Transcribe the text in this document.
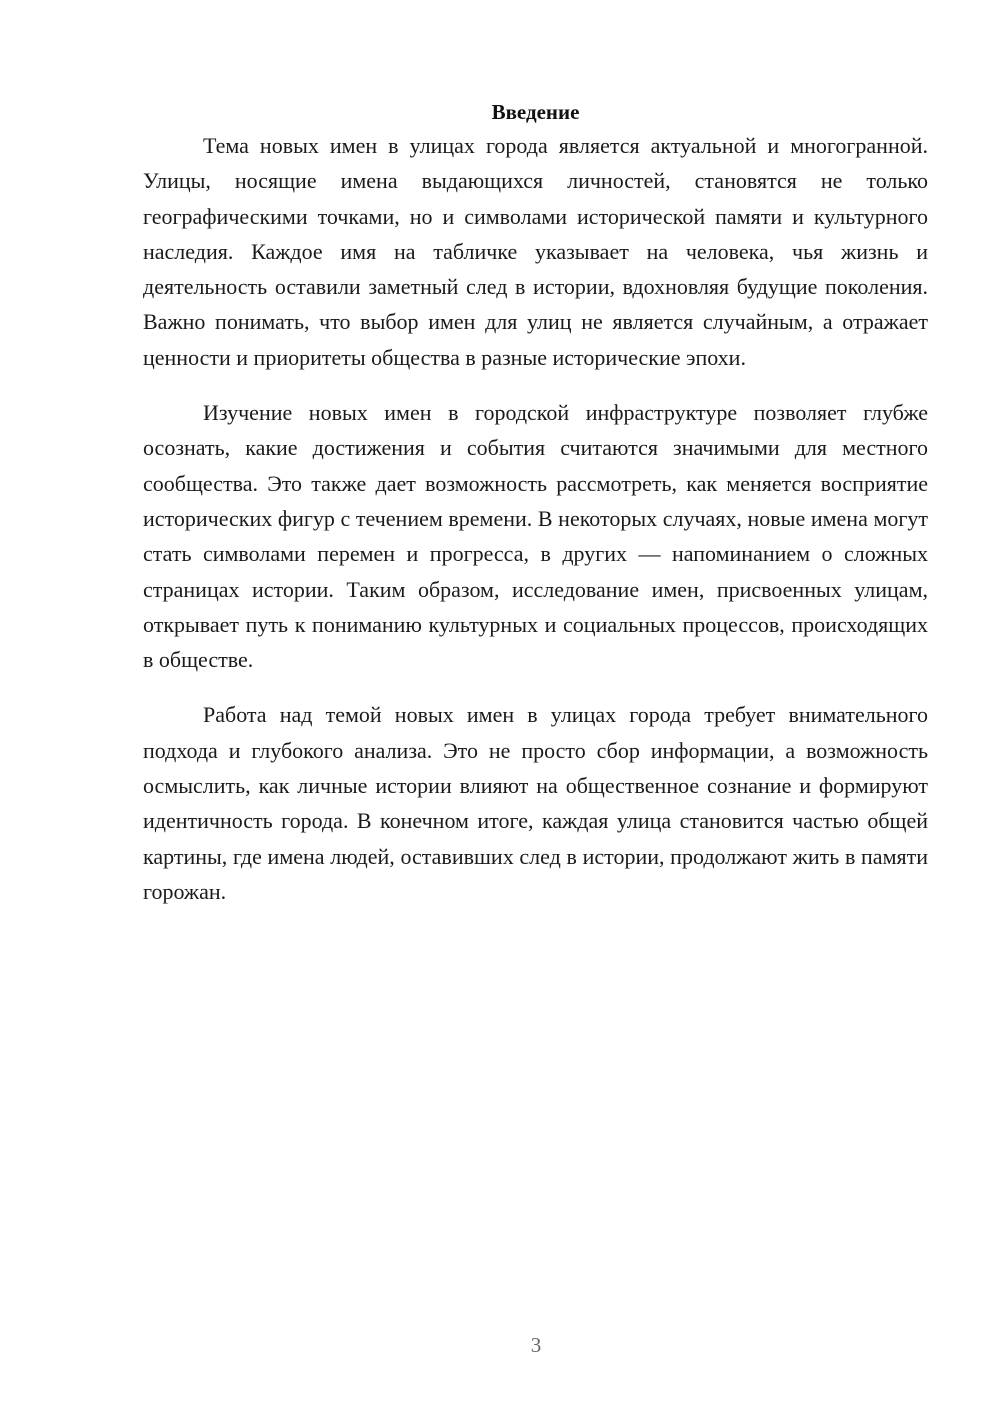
Введение

Тема новых имен в улицах города является актуальной и многогранной. Улицы, носящие имена выдающихся личностей, становятся не только географическими точками, но и символами исторической памяти и культурного наследия. Каждое имя на табличке указывает на человека, чья жизнь и деятельность оставили заметный след в истории, вдохновляя будущие поколения. Важно понимать, что выбор имен для улиц не является случайным, а отражает ценности и приоритеты общества в разные исторические эпохи.

Изучение новых имен в городской инфраструктуре позволяет глубже осознать, какие достижения и события считаются значимыми для местного сообщества. Это также дает возможность рассмотреть, как меняется восприятие исторических фигур с течением времени. В некоторых случаях, новые имена могут стать символами перемен и прогресса, в других — напоминанием о сложных страницах истории. Таким образом, исследование имен, присвоенных улицам, открывает путь к пониманию культурных и социальных процессов, происходящих в обществе.

Работа над темой новых имен в улицах города требует внимательного подхода и глубокого анализа. Это не просто сбор информации, а возможность осмыслить, как личные истории влияют на общественное сознание и формируют идентичность города. В конечном итоге, каждая улица становится частью общей картины, где имена людей, оставивших след в истории, продолжают жить в памяти горожан.

3
